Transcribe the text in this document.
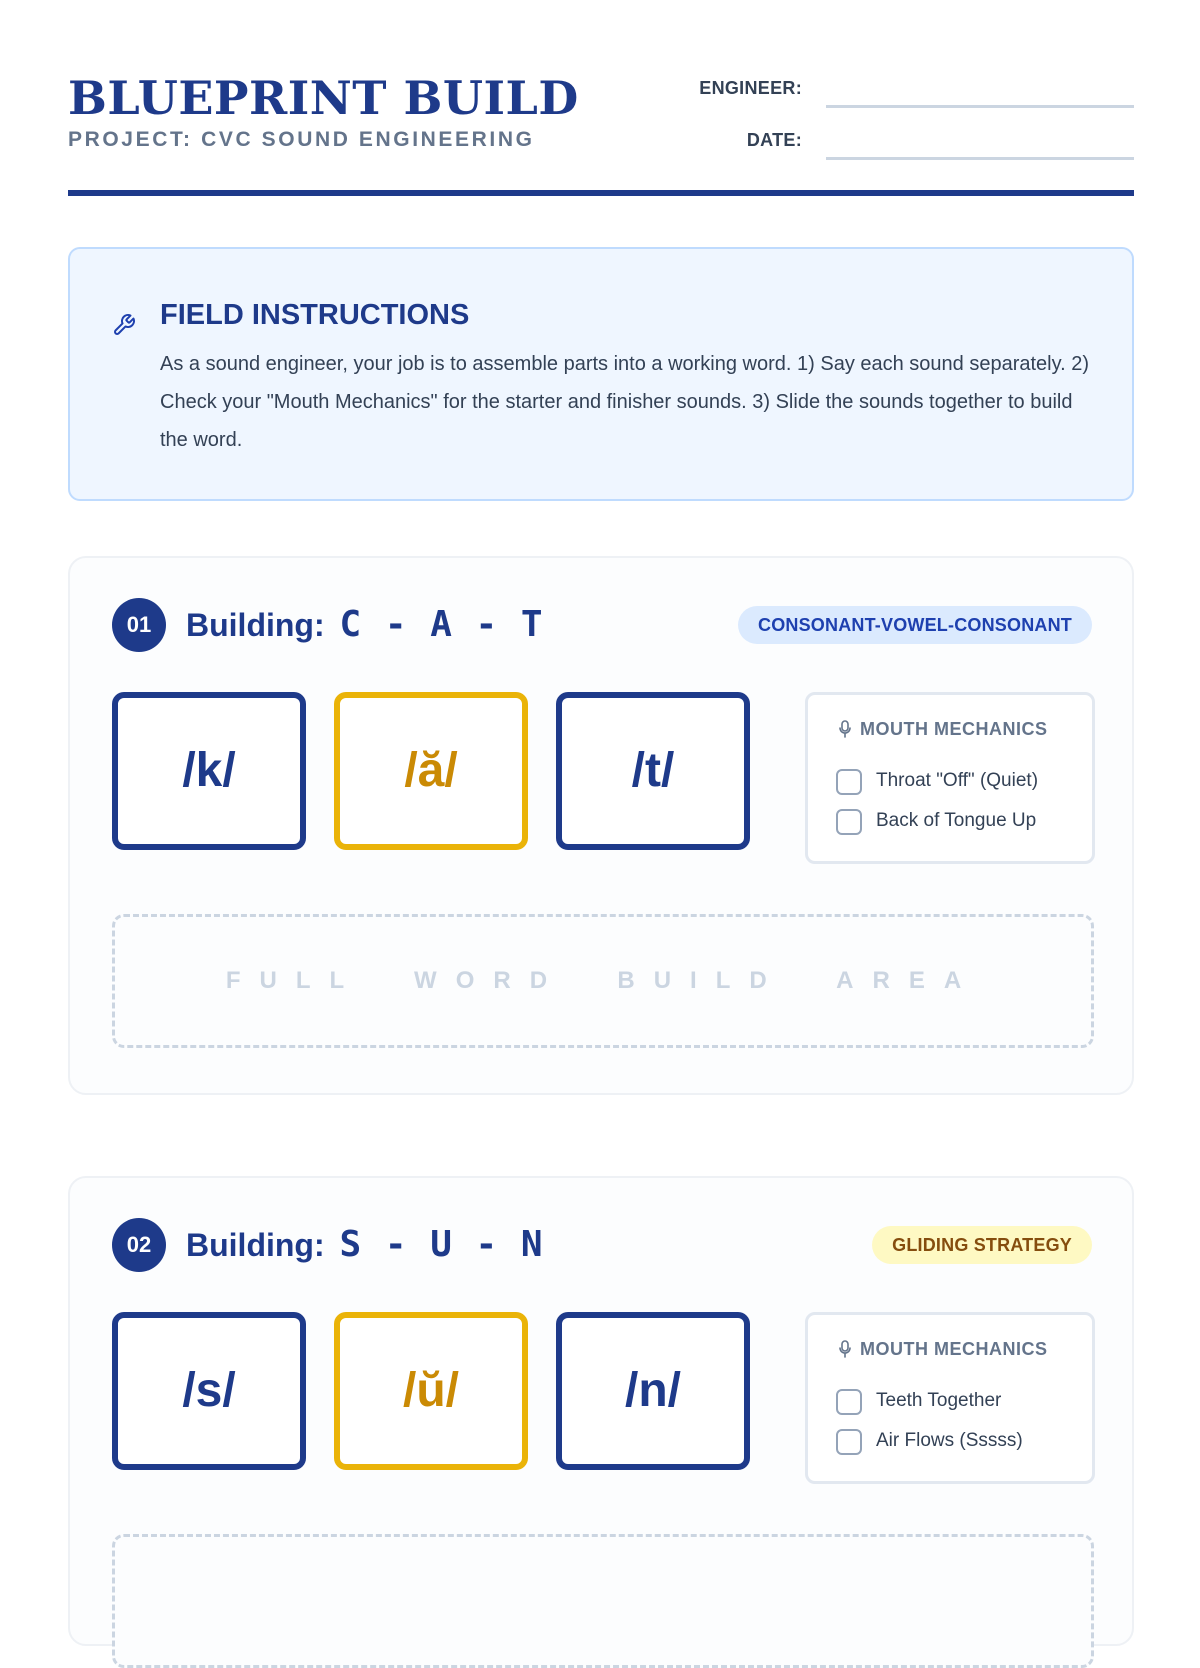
BLUEPRINT BUILD
PROJECT: CVC SOUND ENGINEERING
ENGINEER:
DATE:
FIELD INSTRUCTIONS
As a sound engineer, your job is to assemble parts into a working word. 1) Say each sound separately. 2) Check your "Mouth Mechanics" for the starter and finisher sounds. 3) Slide the sounds together to build the word.
01	Building: C - A - T	CONSONANT-VOWEL-CONSONANT
/k/	/ă/	/t/
MOUTH MECHANICS
Throat "Off" (Quiet)
Back of Tongue Up
FULL  WORD  BUILD  AREA
02	Building: S - U - N	GLIDING STRATEGY
/s/	/ŭ/	/n/
MOUTH MECHANICS
Teeth Together
Air Flows (Sssss)
